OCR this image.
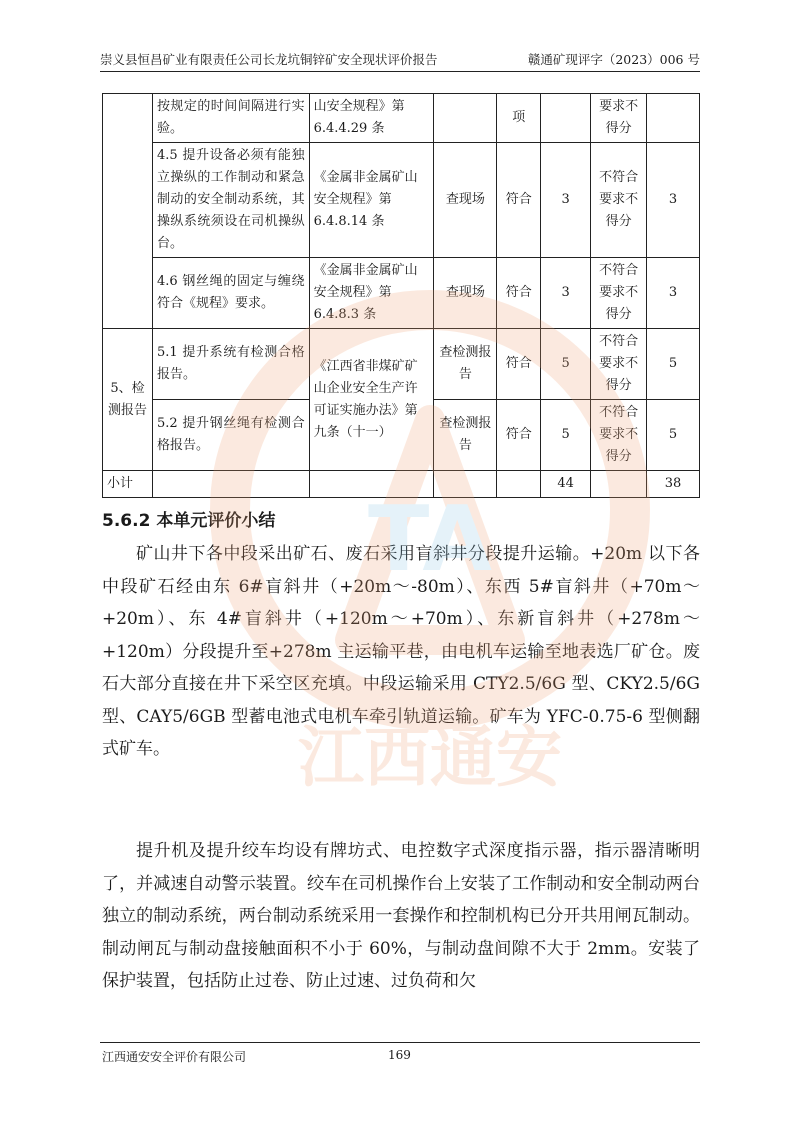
崇义县恒昌矿业有限责任公司长龙坑铜锌矿安全现状评价报告	赣通矿现评字（2023）006 号
	按规定的时间间隔进行实验。	山安全规程》第6.4.4.29 条		项		要求不得分	
	4.5 提升设备必须有能独立操纵的工作制动和紧急制动的安全制动系统，其操纵系统须设在司机操纵台。	《金属非金属矿山安全规程》第6.4.8.14 条	查现场	符合	3	不符合要求不得分	3
	4.6 钢丝绳的固定与缠绕符合《规程》要求。	《金属非金属矿山安全规程》第6.4.8.3 条	查现场	符合	3	不符合要求不得分	3
5、检测报告	5.1 提升系统有检测合格报告。	《江西省非煤矿矿山企业安全生产许可证实施办法》第九条（十一）	查检测报告	符合	5	不符合要求不得分	5
	5.2 提升钢丝绳有检测合格报告。		查检测报告	符合	5	不符合要求不得分	5
小计					44		38
5.6.2 本单元评价小结

矿山井下各中段采出矿石、废石采用盲斜井分段提升运输。+20m 以下各中段矿石经由东 6#盲斜井（+20m～-80m）、东西 5#盲斜井（+70m～+20m）、东 4#盲斜井（+120m～+70m）、东新盲斜井（+278m～+120m）分段提升至+278m 主运输平巷，由电机车运输至地表选厂矿仓。废石大部分直接在井下采空区充填。中段运输采用 CTY2.5/6G 型、CKY2.5/6G 型、CAY5/6GB 型蓄电池式电机车牵引轨道运输。矿车为 YFC-0.75-6 型侧翻式矿车。

提升机及提升绞车均设有牌坊式、电控数字式深度指示器，指示器清晰明了，并减速自动警示装置。绞车在司机操作台上安装了工作制动和安全制动两台独立的制动系统，两台制动系统采用一套操作和控制机构已分开共用闸瓦制动。制动闸瓦与制动盘接触面积不小于 60%，与制动盘间隙不大于 2mm。安装了保护装置，包括防止过卷、防止过速、过负荷和欠

TA
江西通安
江西通安安全评价有限公司	169
